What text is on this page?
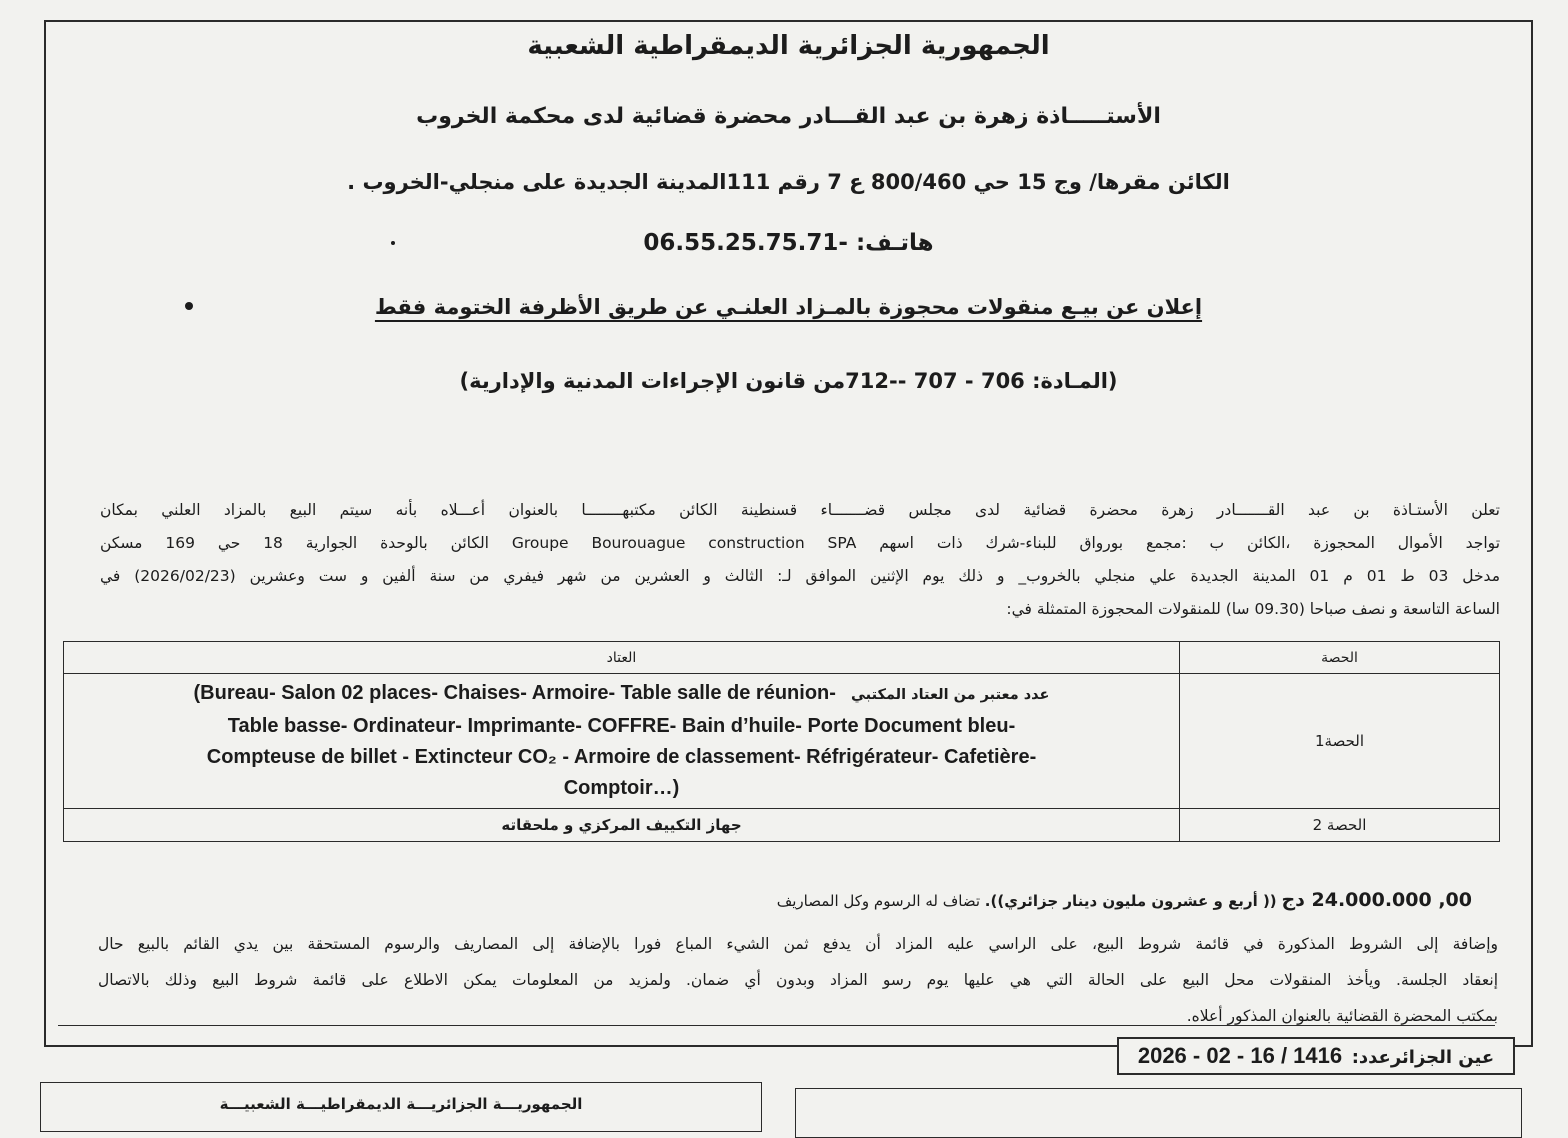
الجمهورية الجزائرية الديمقراطية الشعبية
الأستـــــاذة زهرة بن عبد القـــادر محضرة قضائية لدى محكمة الخروب
الكائن مقرها/ وج 15 حي 800/460 ع 7 رقم 111المدينة الجديدة على منجلي-الخروب .
هاتـف: 06.55.25.75.71-
إعلان عن بيـع منقولات محجوزة بالمـزاد العلنـي عن طريق الأظرفة الختومة فقط
(المـادة: 706 - 707 --712من قانون الإجراءات المدنية والإدارية)
تعلن الأستـاذة بن عبد القـــــــادر زهرة محضرة قضائية لدى مجلس قضـــــــاء قسنطينة الكائن مكتبهــــــــا بالعنوان أعـــلاه بأنه سيتم البيع بالمزاد العلني بمكان
تواجد الأموال المحجوزة ،الكائن ب :مجمع بورواق للبناء-شرك ذات اسهم Groupe Bourouague construction SPA الكائن بالوحدة الجوارية 18 حي 169 مسكن
مدخل 03 ط 01 م 01 المدينة الجديدة علي منجلي بالخروب_ و ذلك يوم الإثنين الموافق لـ: الثالث و العشرين من شهر فيفري من سنة ألفين و ست وعشرين (2026/02/23) في
الساعة التاسعة و نصف صباحا (09.30 سا) للمنقولات المحجوزة المتمثلة في:
الحصة	العتاد
الحصة1	عدد معتبر من العتاد المكتبي (Bureau- Salon 02 places- Chaises- Armoire- Table salle de réunion-
Table basse- Ordinateur- Imprimante- COFFRE- Bain d’huile- Porte Document bleu-
Compteuse de billet - Extincteur CO₂ - Armoire de classement- Réfrigérateur- Cafetière-
Comptoir…)

الحصة 2	جهاز التكييف المركزي و ملحقاته
00, 24.000.000 دج (( أربع و عشرون مليون دينار جزائري)). تضاف له الرسوم وكل المصاريف
وإضافة إلى الشروط المذكورة في قائمة شروط البيع، على الراسي عليه المزاد أن يدفع ثمن الشيء المباع فورا بالإضافة إلى المصاريف والرسوم المستحقة بين يدي القائم بالبيع حال
إنعقاد الجلسة. ويأخذ المنقولات محل البيع على الحالة التي هي عليها يوم رسو المزاد وبدون أي ضمان. ولمزيد من المعلومات يمكن الاطلاع على قائمة شروط البيع وذلك بالاتصال
بمكتب المحضرة القضائية بالعنوان المذكور أعلاه.
عين الجزائرعدد: 2026 - 02 - 16 / 1416
الجمهوريـــة الجزائريـــة الديمقراطيـــة الشعبيـــة
